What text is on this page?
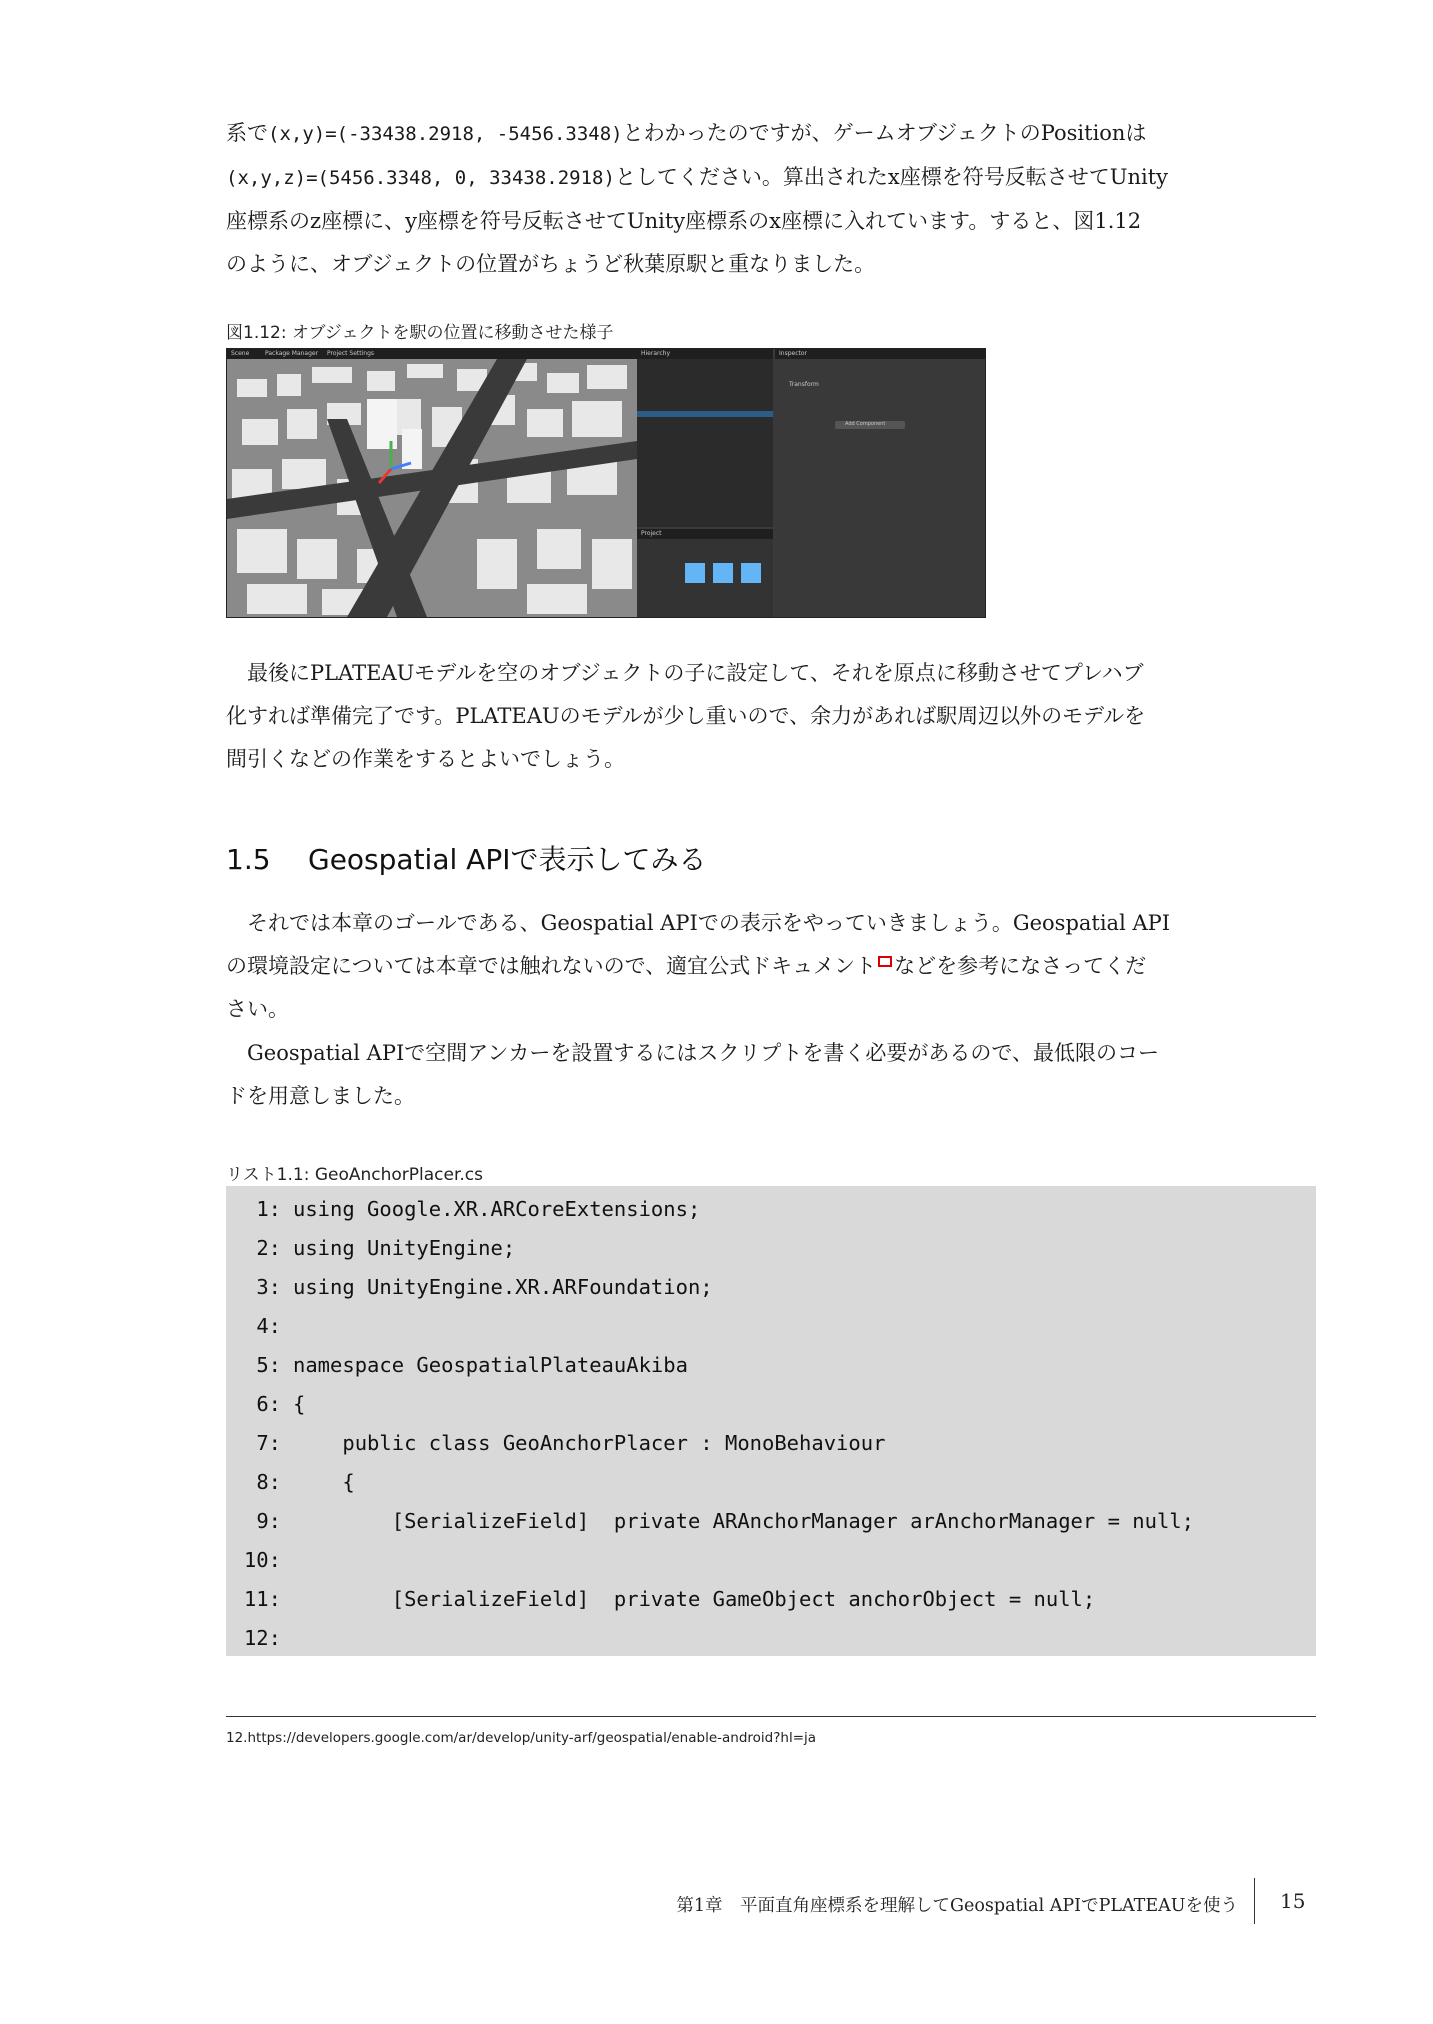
系で(x,y)=(-33438.2918, -5456.3348)とわかったのですが、ゲームオブジェクトのPositionは
(x,y,z)=(5456.3348, 0, 33438.2918)としてください。算出されたx座標を符号反転させてUnity
座標系のz座標に、y座標を符号反転させてUnity座標系のx座標に入れています。すると、図1.12
のように、オブジェクトの位置がちょうど秋葉原駅と重なりました。
図1.12: オブジェクトを駅の位置に移動させた様子
Scene	Package Manager Project Settings	Hierarchy
Project
Inspector
Transform
Add Component
　最後にPLATEAUモデルを空のオブジェクトの子に設定して、それを原点に移動させてプレハブ
化すれば準備完了です。PLATEAUのモデルが少し重いので、余力があれば駅周辺以外のモデルを
間引くなどの作業をするとよいでしょう。
1.5 Geospatial APIで表示してみる
　それでは本章のゴールである、Geospatial APIでの表示をやっていきましょう。Geospatial API
の環境設定については本章では触れないので、適宜公式ドキュメント などを参考になさってくだ
さい。
　Geospatial APIで空間アンカーを設置するにはスクリプトを書く必要があるので、最低限のコー
ドを用意しました。
リスト1.1: GeoAnchorPlacer.cs
1: using Google.XR.ARCoreExtensions;
2: using UnityEngine;
3: using UnityEngine.XR.ARFoundation;
4:
5: namespace GeospatialPlateauAkiba
6: {
7:    public class GeoAnchorPlacer : MonoBehaviour
8:    {
9:        [SerializeField]  private ARAnchorManager arAnchorManager = null;
10:
11:        [SerializeField]  private GameObject anchorObject = null;
12:
12.https://developers.google.com/ar/develop/unity-arf/geospatial/enable-android?hl=ja
第1章　平面直角座標系を理解してGeospatial APIでPLATEAUを使う 15
